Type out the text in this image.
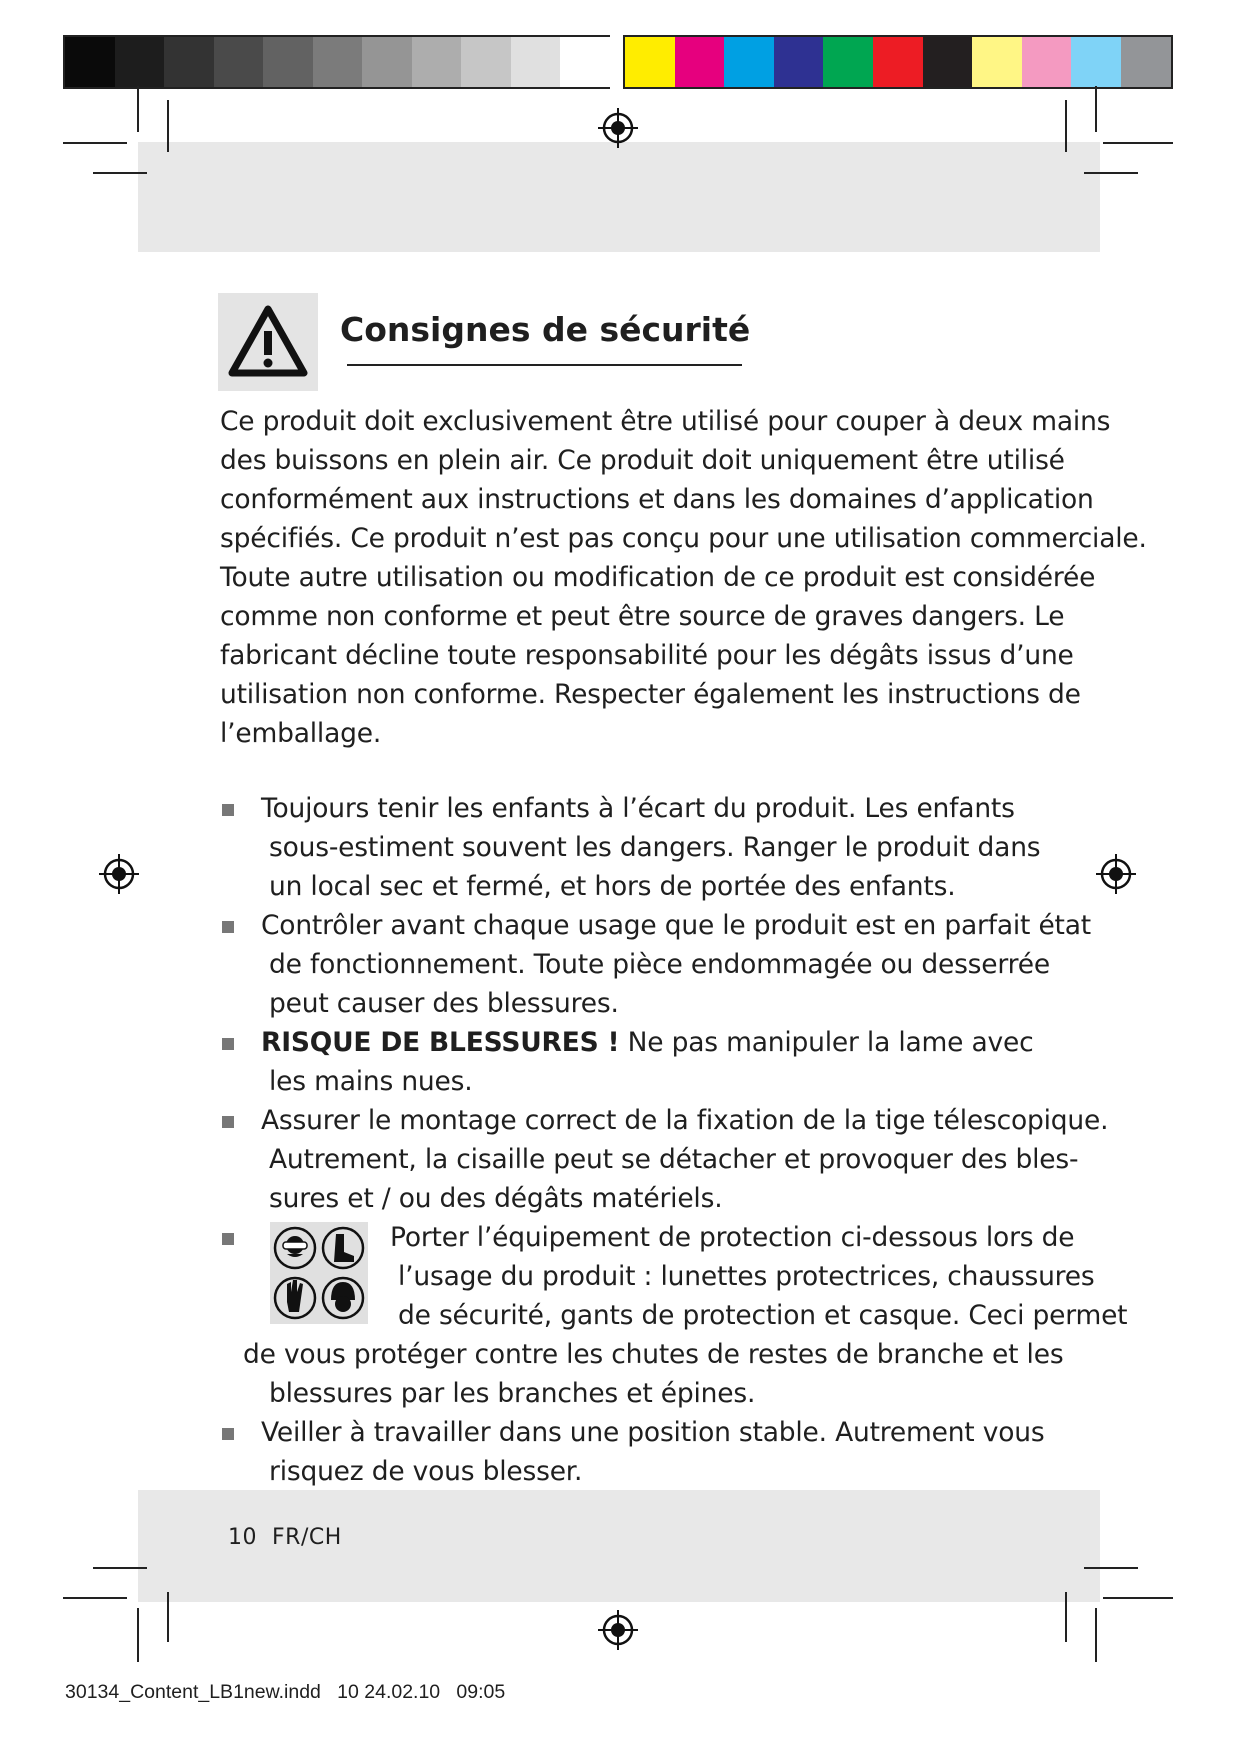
Consignes de sécurité
Ce produit doit exclusivement être utilisé pour couper à deux mains
des buissons en plein air. Ce produit doit uniquement être utilisé
conformément aux instructions et dans les domaines d’application
spécifiés. Ce produit n’est pas conçu pour une utilisation commerciale.
Toute autre utilisation ou modification de ce produit est considérée
comme non conforme et peut être source de graves dangers. Le
fabricant décline toute responsabilité pour les dégâts issus d’une
utilisation non conforme. Respecter également les instructions de
l’emballage.
Toujours tenir les enfants à l’écart du produit. Les enfants
sous-estiment souvent les dangers. Ranger le produit dans
un local sec et fermé, et hors de portée des enfants.
Contrôler avant chaque usage que le produit est en parfait état
de fonctionnement. Toute pièce endommagée ou desserrée
peut causer des blessures.
RISQUE DE BLESSURES ! Ne pas manipuler la lame avec
les mains nues.
Assurer le montage correct de la fixation de la tige télescopique.
Autrement, la cisaille peut se détacher et provoquer des bles-
sures et / ou des dégâts matériels.
Porter l’équipement de protection ci-dessous lors de
l’usage du produit : lunettes protectrices, chaussures
de sécurité, gants de protection et casque. Ceci permet
de vous protéger contre les chutes de restes de branche et les
blessures par les branches et épines.
Veiller à travailler dans une position stable. Autrement vous
risquez de vous blesser.
10 FR/CH
30134_Content_LB1new.indd   10 24.02.10   09:05
